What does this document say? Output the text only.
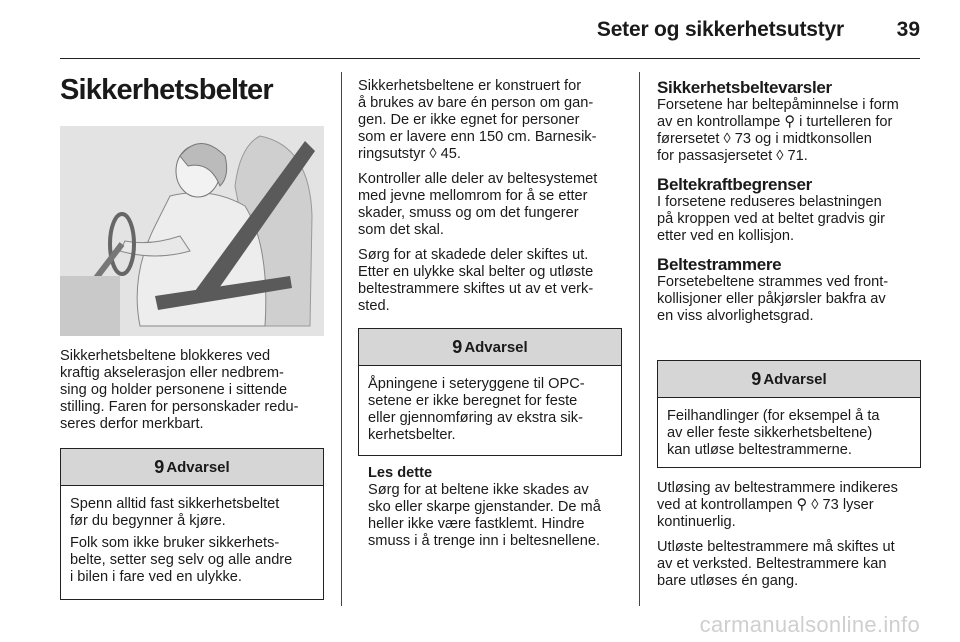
Seter og sikkerhetsutstyr	39
Sikkerhetsbelter
Sikkerhetsbeltene blokkeres ved
kraftig akselerasjon eller nedbrem-
sing og holder personene i sittende
stilling. Faren for personskader redu-
seres derfor merkbart.
9 Advarsel

Spenn alltid fast sikkerhetsbeltet
før du begynner å kjøre.

Folk som ikke bruker sikkerhets-
belte, setter seg selv og alle andre
i bilen i fare ved en ulykke.

Sikkerhetsbeltene er konstruert for
å brukes av bare én person om gan-
gen. De er ikke egnet for personer
som er lavere enn 150 cm. Barnesik-
ringsutstyr ◊ 45.

Kontroller alle deler av beltesystemet
med jevne mellomrom for å se etter
skader, smuss og om det fungerer
som det skal.

Sørg for at skadede deler skiftes ut.
Etter en ulykke skal belter og utløste
beltestrammere skiftes ut av et verk-
sted.

9 Advarsel
Åpningene i seteryggene til OPC-
setene er ikke beregnet for feste
eller gjennomføring av ekstra sik-
kerhetsbelter.
Les dette
Sørg for at beltene ikke skades av
sko eller skarpe gjenstander. De må
heller ikke være fastklemt. Hindre
smuss i å trenge inn i beltesnellene.
Sikkerhetsbeltevarsler

Forsetene har beltepåminnelse i form
av en kontrollampe ⚲ i turtelleren for
førersetet ◊ 73 og i midtkonsollen
for passasjersetet ◊ 71.

Beltekraftbegrenser

I forsetene reduseres belastningen
på kroppen ved at beltet gradvis gir
etter ved en kollisjon.

Beltestrammere

Forsetebeltene strammes ved front-
kollisjoner eller påkjørsler bakfra av
en viss alvorlighetsgrad.

9 Advarsel
Feilhandlinger (for eksempel å ta
av eller feste sikkerhetsbeltene)
kan utløse beltestrammerne.

Utløsing av beltestrammere indikeres
ved at kontrollampen ⚲ ◊ 73 lyser
kontinuerlig.

Utløste beltestrammere må skiftes ut
av et verksted. Beltestrammere kan
bare utløses én gang.

carmanualsonline.info
